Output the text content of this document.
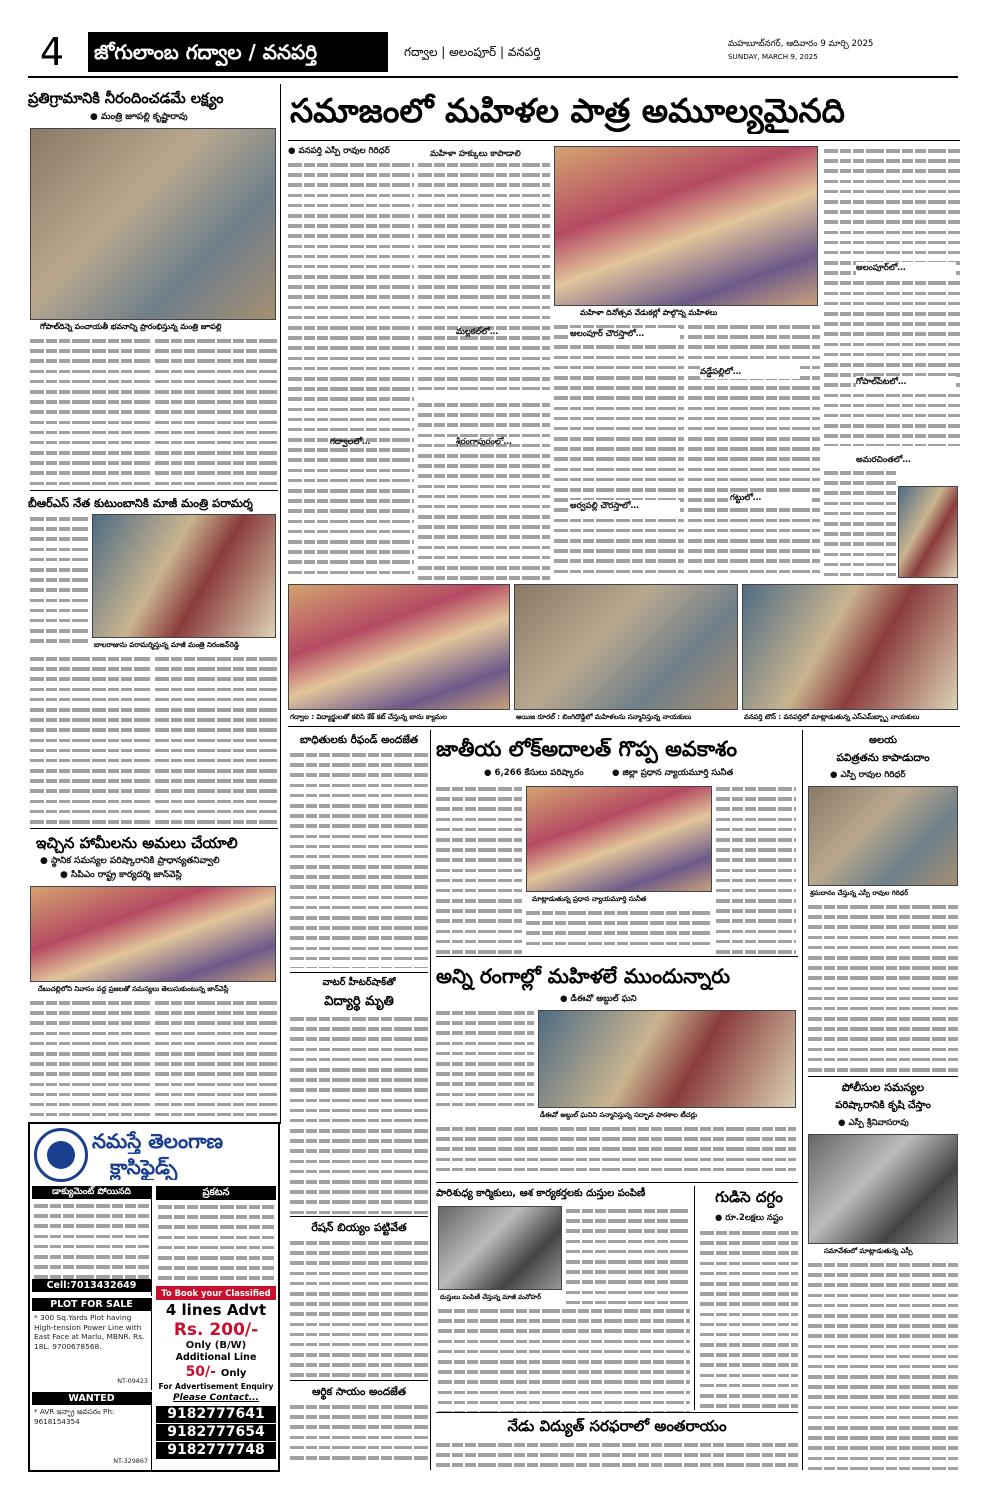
4	జోగులాంబ గద్వాల / వనపర్తి	గద్వాల | అలంపూర్ | వనపర్తి
మహబూబ్‌నగర్, ఆదివారం 9 మార్చి 2025
SUNDAY, MARCH 9, 2025
ప్రతిగ్రామానికి నీరందించడమే లక్ష్యం
● మంత్రి జూపల్లి కృష్ణారావు
గోపాల్‌దిన్నె పంచాయతీ భవనాన్ని ప్రారంభిస్తున్న మంత్రి జూపల్లి
బీఆర్‌ఎస్ నేత కుటుంబానికి మాజీ మంత్రి పరామర్శ
బాలరాజును పరామర్శిస్తున్న మాజీ మంత్రి నిరంజన్‌రెడ్డి
ఇచ్చిన హామీలను అమలు చేయాలి
● స్థానిక సమస్యల పరిష్కారానికి ప్రాధాన్యతనివ్వాలి
● సీపీఎం రాష్ట్ర కార్యదర్శి జాన్‌వెస్లీ
దేబుచల్లిలోని నివాసం వద్ద ప్రజలతో సమస్యలు తెలుసుకుంటున్న జాన్‌వెస్లీ
నమస్తే తెలంగాణ
క్లాసిఫైడ్స్
డాక్యుమెంట్ పోయినది
Cell:7013432649
PLOT FOR SALE
* 300 Sq.Yards Plot having High-tension Power Line with East Face at Marlu, MBNR. Rs. 18L. 9700678568.
NT-09423
WANTED
* AVR ఇన్ఫ్రా అవసరం Ph: 9618154354
NT-329867
ప్రకటన
To Book your Classified
4 lines Advt
Rs. 200/-
Only (B/W)
Additional Line
50/- Only
For Advertisement Enquiry
Please Contact...
9182777641
9182777654
9182777748
సమాజంలో మహిళల పాత్ర అమూల్యమైనది
● వనపర్తి ఎస్పీ రావుల గిరిధర్	మహిళా హక్కులు కాపాడాలి
మల్లకల్‌లో…
గద్వాలలో…
మహిళా దినోత్సవ వేడుకల్లో పాల్గొన్న మహిళలు
అలంపూర్ చౌరస్తాలో…
అర్వపల్లి చౌరస్తాలో…
వడ్డేపల్లిలో…
గట్టులో…
అలంపూర్‌లో…
గోపాల్‌పేటలో…
అమరచింతలో…
గద్వాల : విద్యార్థులతో కలిసి కేక్ కట్ చేస్తున్న బాను క్యామల	అయిజ రూరల్ : బింగిదొడ్డిలో మహిళలను సన్మానిస్తున్న నాయకులు	వనపర్తి టౌన్ : వనపర్తిలో మాట్లాడుతున్న ఎస్‌ఎమ్‌బ్బ్బా నాయకులు
బాధితులకు రీఫండ్ అందజేత
వాటర్ హీటర్‌షాక్‌తో
విద్యార్థి మృతి
రేషన్ బియ్యం పట్టివేత
ఆర్థిక సాయం అందజేత
జాతీయ లోక్‌అదాలత్ గొప్ప అవకాశం
● 6,266 కేసులు పరిష్కారం	● జిల్లా ప్రధాన న్యాయమూర్తి సునీత
మాట్లాడుతున్న ప్రధాన న్యాయమూర్తి సునీత
అన్ని రంగాల్లో మహిళలే ముందున్నారు
● డీఈవో అబ్దుల్ ఘని
డీఈవో అబ్దుల్ ఘనిని సన్మానిస్తున్న సద్భావ పాఠశాల టీచర్లు
పారిశుధ్య కార్మికులు, ఆశ కార్యకర్తలకు దుస్తుల పంపిణీ
దుస్తులు పంపిణీ చేస్తున్న మాజీ మనోహర్
గుడిసె దగ్ధం
● రూ.2లక్షలు నష్టం
నేడు విద్యుత్ సరఫరాలో అంతరాయం
అలయ
పవిత్రతను కాపాడుదాం
● ఎస్పీ రావుల గిరిధర్
శ్రమదానం చేస్తున్న ఎస్పీ రావుల గిరిధర్
పోలీసుల సమస్యల
పరిష్కారానికి కృషి చేస్తాం
● ఎస్పీ శ్రీనివాసరావు
సమావేశంలో మాట్లాడుతున్న ఎస్పీ
